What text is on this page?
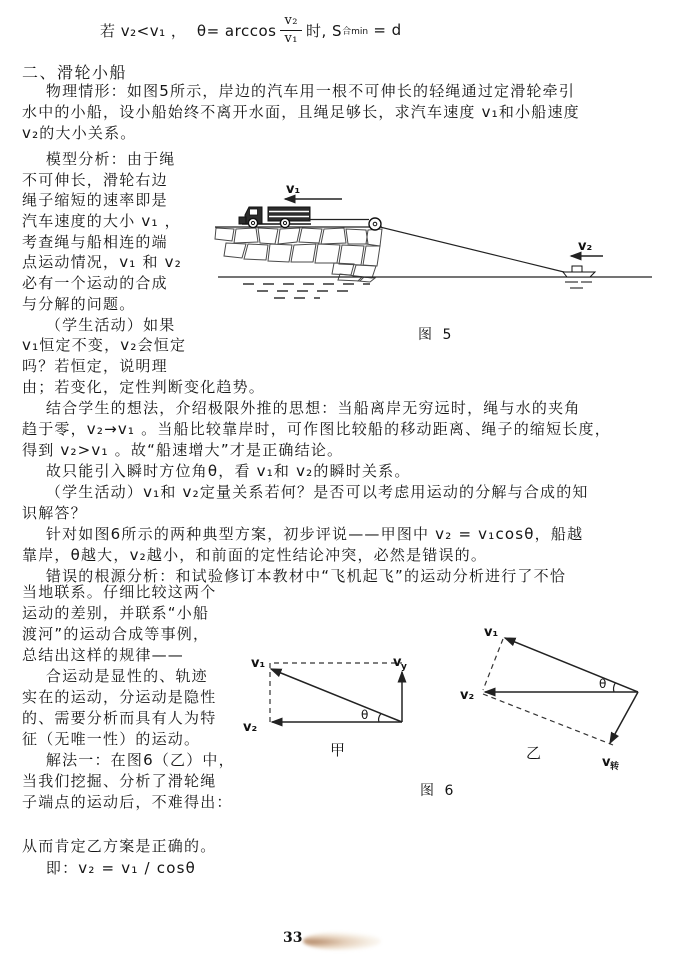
若 v₂<v₁ ，  $\theta= \arccos \frac{\text{v₂}}{\text{v₁}}$ 时, S 合min = d
二、滑轮小船
物理情形：如图5所示，岸边的汽车用一根不可伸长的轻绳通过定滑轮牵引
水中的小船，设小船始终不离开水面，且绳足够长，求汽车速度 v₁和小船速度
v₂的大小关系。
模型分析：由于绳
不可伸长，滑轮右边
绳子缩短的速率即是
汽车速度的大小 v₁ ，
考查绳与船相连的端
点运动情况，v₁ 和 v₂
必有一个运动的合成
与分解的问题。
（学生活动）如果
v₁恒定不变，v₂会恒定
吗？若恒定，说明理
v₁
v₂
图 5
由；若变化，定性判断变化趋势。
结合学生的想法，介绍极限外推的思想：当船离岸无穷远时，绳与水的夹角
趋于零，v₂→v₁ 。当船比较靠岸时，可作图比较船的移动距离、绳子的缩短长度，
得到 v₂>v₁ 。故“船速增大”才是正确结论。
故只能引入瞬时方位角θ，看 v₁和 v₂的瞬时关系。
（学生活动）v₁和 v₂定量关系若何？是否可以考虑用运动的分解与合成的知
识解答？
针对如图6所示的两种典型方案，初步评说——甲图中 v₂ = v₁cosθ，船越
靠岸，θ越大，v₂越小，和前面的定性结论冲突，必然是错误的。
错误的根源分析：和试验修订本教材中“飞机起飞”的运动分析进行了不恰
当地联系。仔细比较这两个
运动的差别，并联系“小船
渡河”的运动合成等事例，
总结出这样的规律——
合运动是显性的、轨迹
实在的运动，分运动是隐性
的、需要分析而具有人为特
征（无唯一性）的运动。
解法一：在图6（乙）中，
当我们挖掘、分析了滑轮绳
子端点的运动后，不难得出：
v₁
v₂
v y
θ
甲
v₁
v₂
θ
v 转
乙
图 6

从而肯定乙方案是正确的。
即：v₂ = v₁ / cosθ
33
